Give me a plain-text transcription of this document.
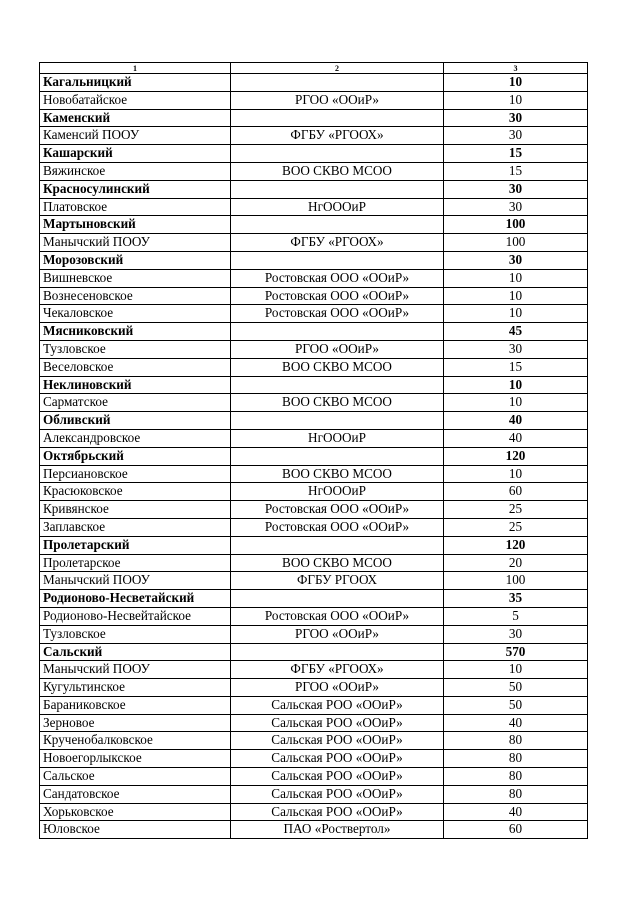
1	2	3
Кагальницкий		10
Новобатайское	РГОО «ООиР»	10
Каменский		30
Каменсий ПООУ	ФГБУ «РГООХ»	30
Кашарский		15
Вяжинское	ВОО СКВО МСОО	15
Красносулинский		30
Платовское	НгОООиР	30
Мартыновский		100
Манычский ПООУ	ФГБУ «РГООХ»	100
Морозовский		30
Вишневское	Ростовская ООО «ООиР»	10
Вознесеновское	Ростовская ООО «ООиР»	10
Чекаловское	Ростовская ООО «ООиР»	10
Мясниковский		45
Тузловское	РГОО «ООиР»	30
Веселовское	ВОО СКВО МСОО	15
Неклиновский		10
Сарматское	ВОО СКВО МСОО	10
Обливский		40
Александровское	НгОООиР	40
Октябрьский		120
Персиановское	ВОО СКВО МСОО	10
Красюковское	НгОООиР	60
Кривянское	Ростовская ООО «ООиР»	25
Заплавское	Ростовская ООО «ООиР»	25
Пролетарский		120
Пролетарское	ВОО СКВО МСОО	20
Манычский ПООУ	ФГБУ РГООХ	100
Родионово-Несветайский		35
Родионово-Несвейтайское	Ростовская ООО «ООиР»	5
Тузловское	РГОО «ООиР»	30
Сальский		570
Манычский ПООУ	ФГБУ «РГООХ»	10
Кугультинское	РГОО «ООиР»	50
Бараниковское	Сальская РОО «ООиР»	50
Зерновое	Сальская РОО «ООиР»	40
Крученобалковское	Сальская РОО «ООиР»	80
Новоегорлыкское	Сальская РОО «ООиР»	80
Сальское	Сальская РОО «ООиР»	80
Сандатовское	Сальская РОО «ООиР»	80
Хорьковское	Сальская РОО «ООиР»	40
Юловское	ПАО «Роствертол»	60
